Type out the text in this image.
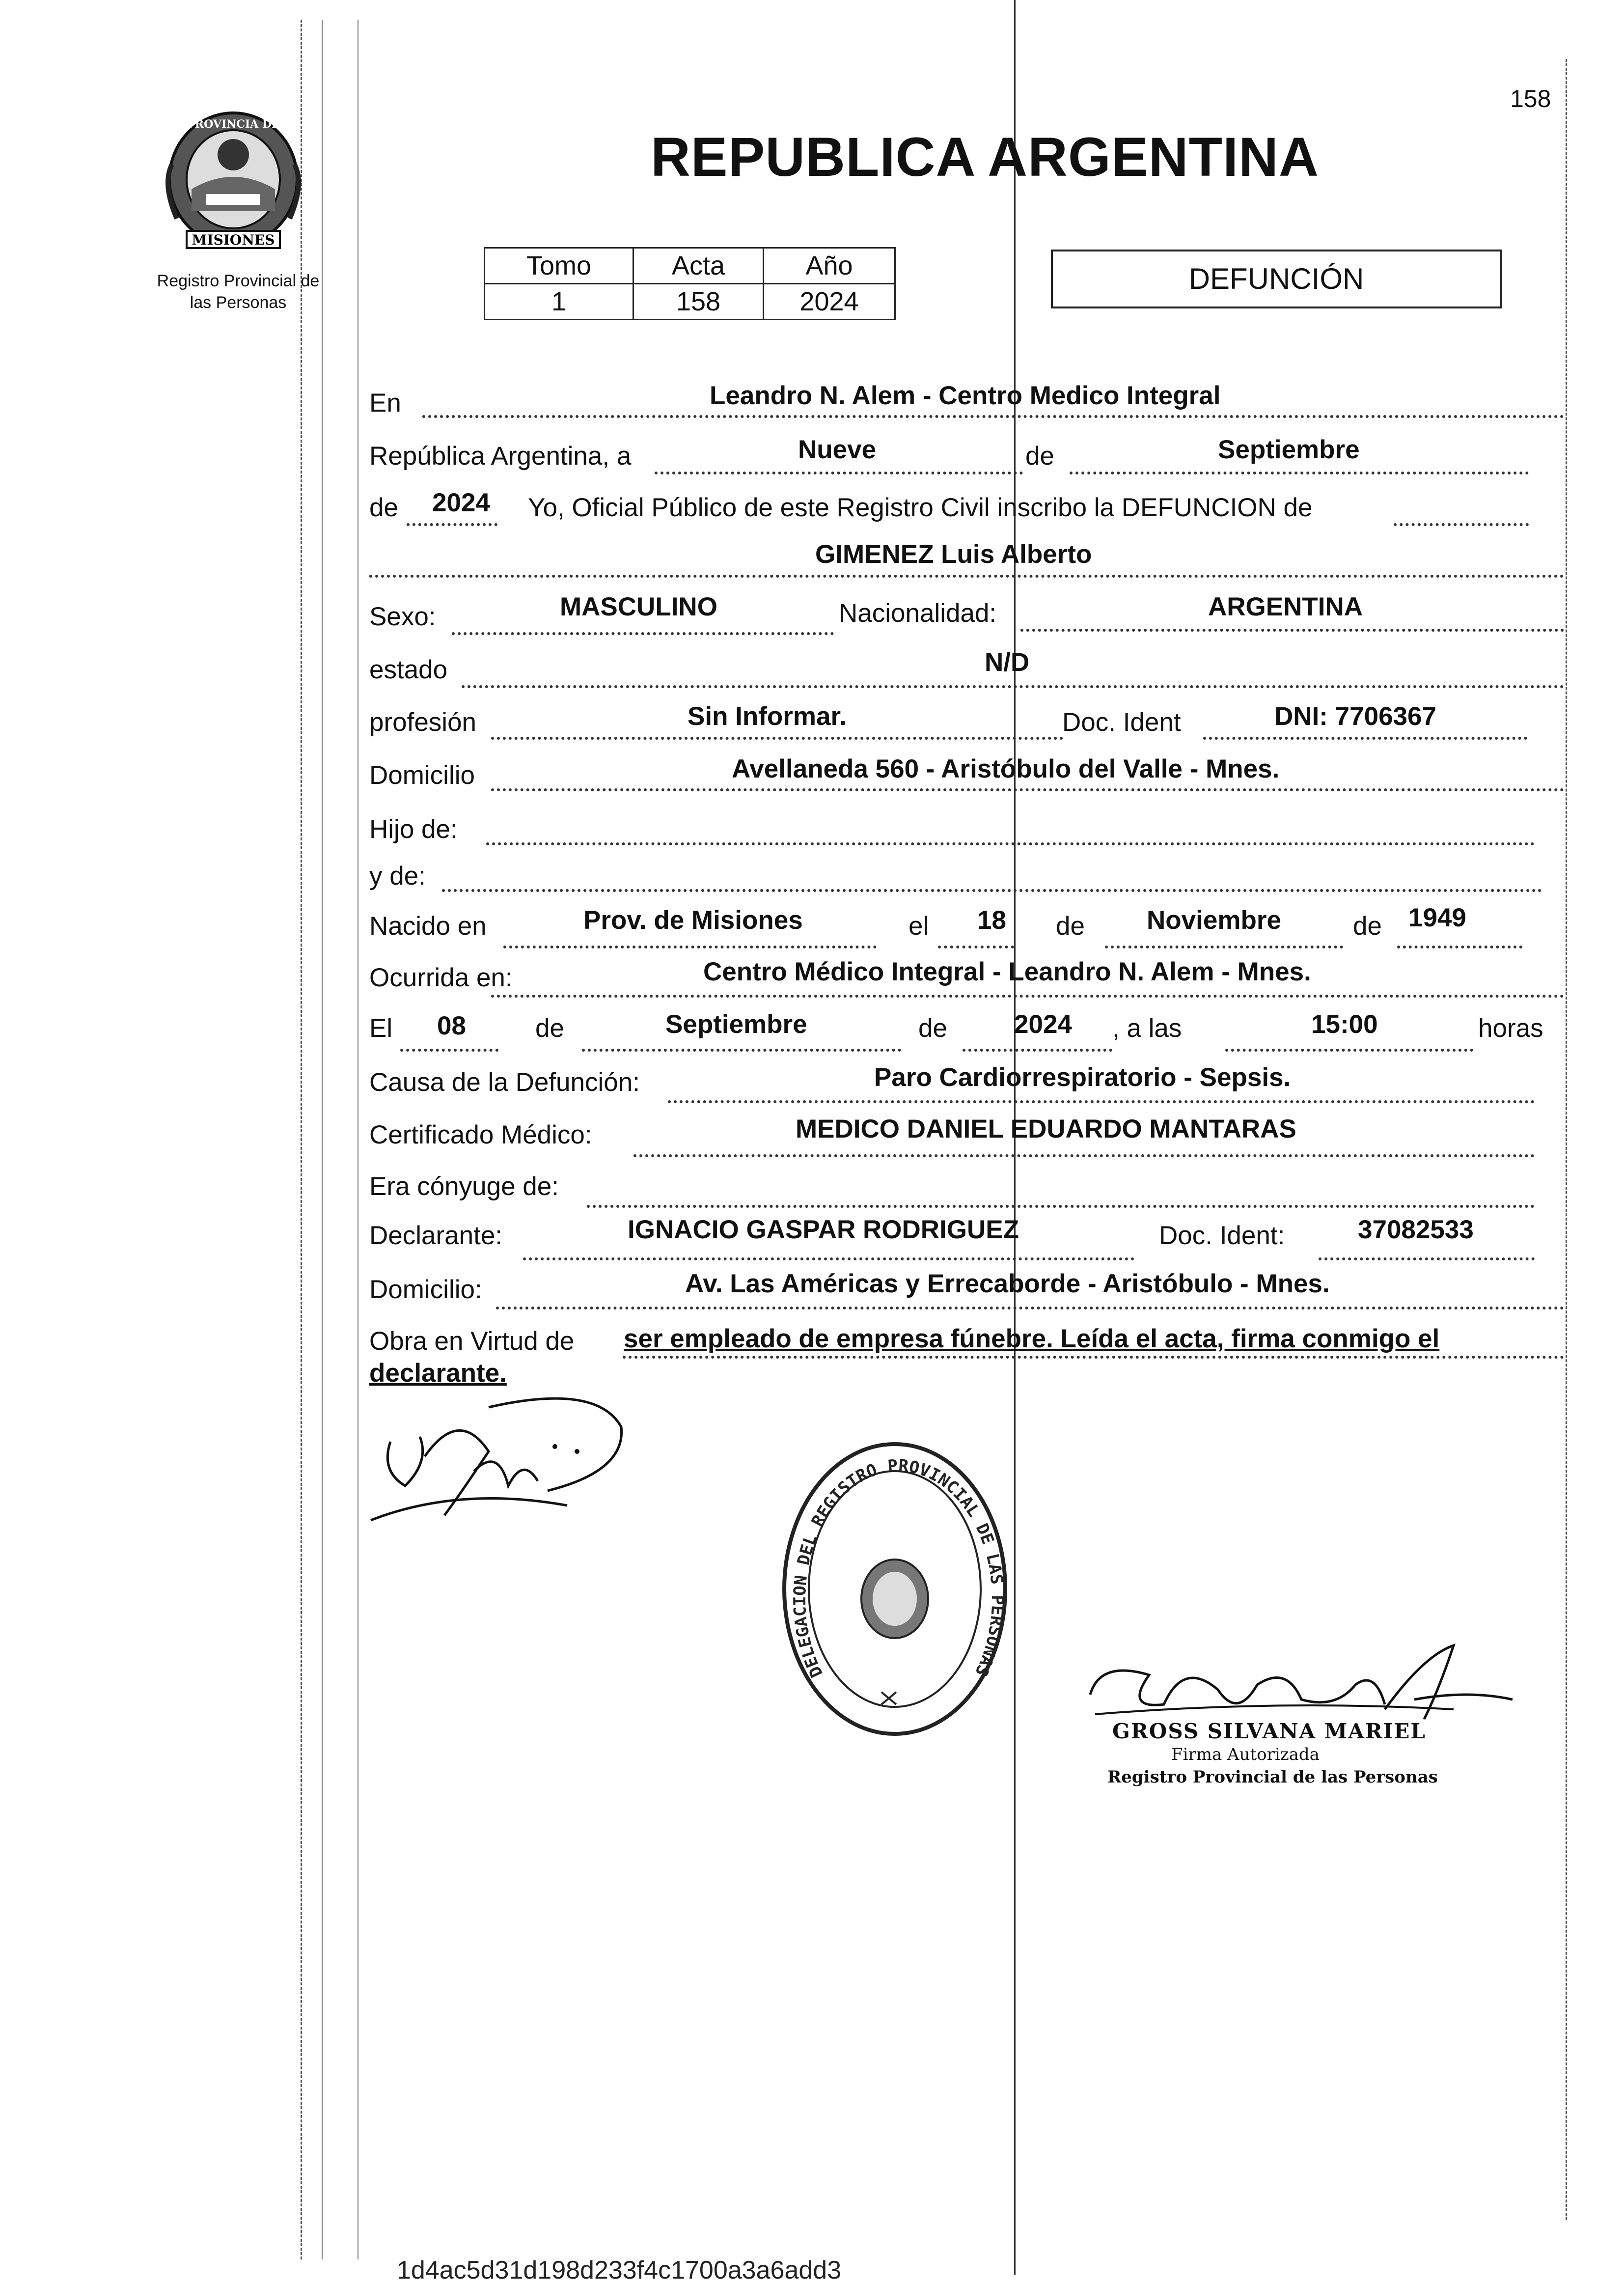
158
MISIONES
PROVINCIA DE
Registro Provincial de
las Personas
REPUBLICA ARGENTINA
Tomo	Acta	Año
1	158	2024
DEFUNCIÓN
En	Leandro N. Alem - Centro Medico Integral
República Argentina, a	Nueve	de	Septiembre
de 2024 Yo, Oficial Público de este Registro Civil inscribo la DEFUNCION de
GIMENEZ Luis Alberto
Sexo:	MASCULINO	Nacionalidad:	ARGENTINA
estado	N/D
profesión	Sin Informar.	Doc. Ident	DNI: 7706367
Domicilio	Avellaneda 560 - Aristóbulo del Valle - Mnes.
Hijo de:
y de:
Nacido en	Prov. de Misiones	el 18 de Noviembre	de 1949
Ocurrida en:	Centro Médico Integral - Leandro N. Alem - Mnes.
El 08	de	Septiembre	de	2024 , a las	15:00	horas
Causa de la Defunción:	Paro Cardiorrespiratorio - Sepsis.
Certificado Médico:	MEDICO DANIEL EDUARDO MANTARAS
Era cónyuge de:
Declarante:	IGNACIO GASPAR RODRIGUEZ	Doc. Ident:	37082533
Domicilio:	Av. Las Américas y Errecaborde - Aristóbulo - Mnes.
Obra en Virtud de ser empleado de empresa fúnebre. Leída el acta, firma conmigo el
declarante.
DELEGACION DEL REGISTRO PROVINCIAL DE LAS PERSONAS
GROSS SILVANA MARIEL
Firma Autorizada
Registro Provincial de las Personas
1d4ac5d31d198d233f4c1700a3a6add3
